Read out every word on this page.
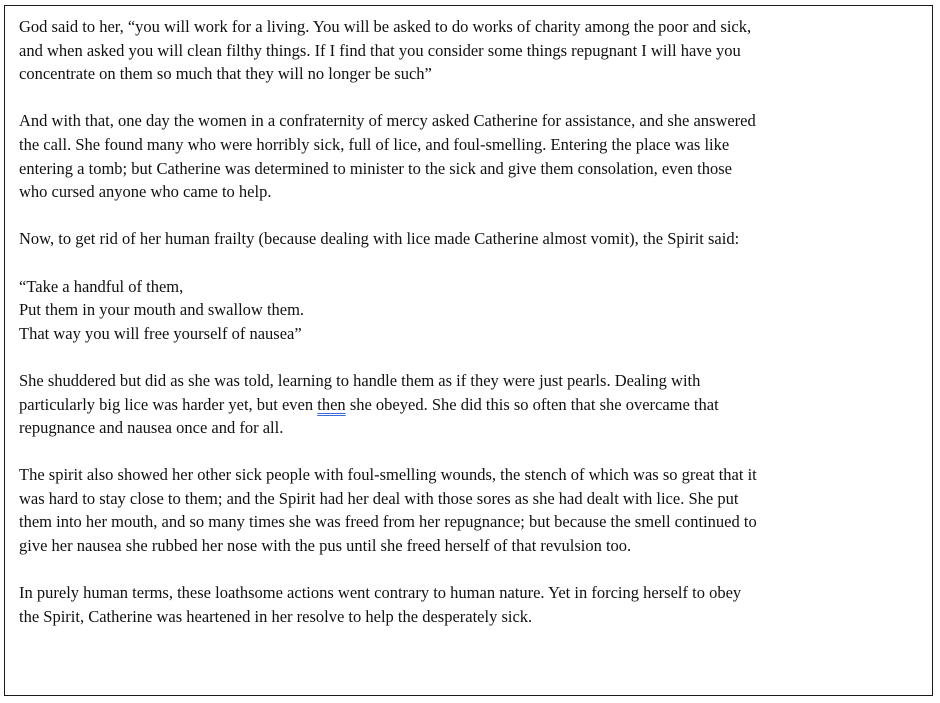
God said to her, “you will work for a living. You will be asked to do works of charity among the poor and sick,
and when asked you will clean filthy things. If I find that you consider some things repugnant I will have you
concentrate on them so much that they will no longer be such”

And with that, one day the women in a confraternity of mercy asked Catherine for assistance, and she answered
the call. She found many who were horribly sick, full of lice, and foul-smelling. Entering the place was like
entering a tomb; but Catherine was determined to minister to the sick and give them consolation, even those
who cursed anyone who came to help.

Now, to get rid of her human frailty (because dealing with lice made Catherine almost vomit), the Spirit said:

“Take a handful of them,
Put them in your mouth and swallow them.
That way you will free yourself of nausea”

She shuddered but did as she was told, learning to handle them as if they were just pearls. Dealing with
particularly big lice was harder yet, but even then she obeyed. She did this so often that she overcame that
repugnance and nausea once and for all.

The spirit also showed her other sick people with foul-smelling wounds, the stench of which was so great that it
was hard to stay close to them; and the Spirit had her deal with those sores as she had dealt with lice. She put
them into her mouth, and so many times she was freed from her repugnance; but because the smell continued to
give her nausea she rubbed her nose with the pus until she freed herself of that revulsion too.

In purely human terms, these loathsome actions went contrary to human nature. Yet in forcing herself to obey
the Spirit, Catherine was heartened in her resolve to help the desperately sick.
